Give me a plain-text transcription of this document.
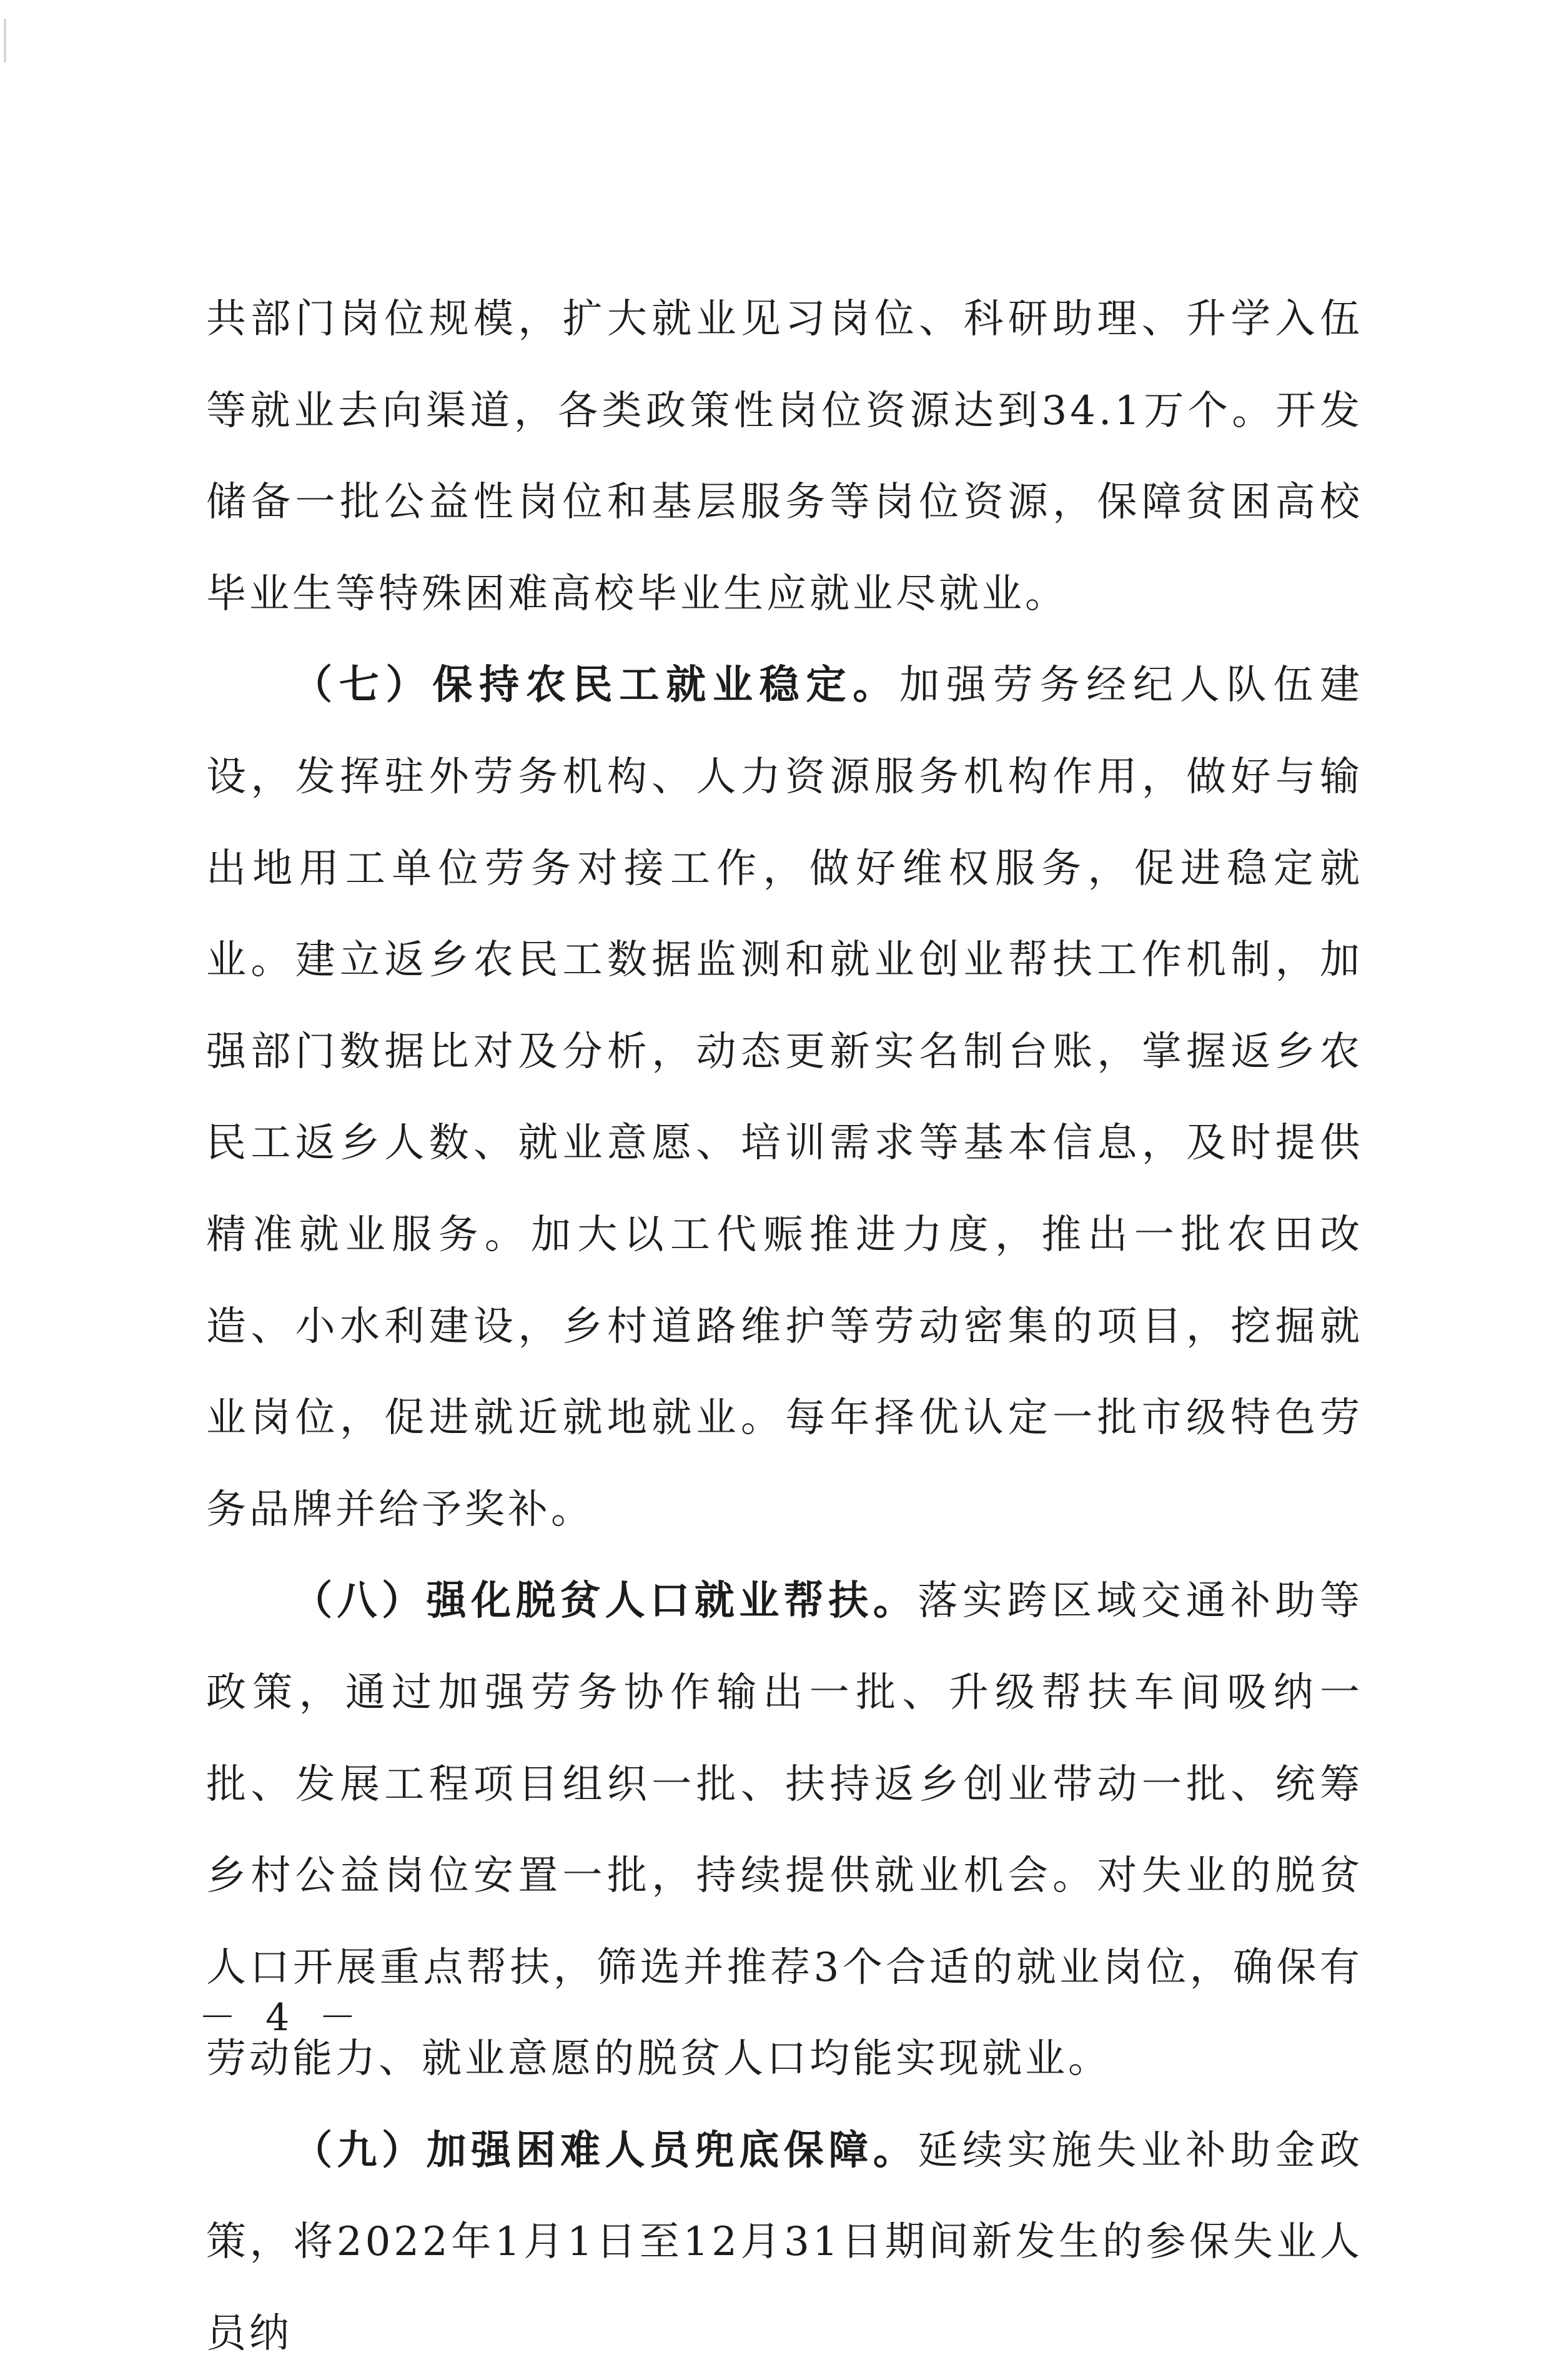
共部门岗位规模，扩大就业见习岗位、科研助理、升学入伍等就业去向渠道，各类政策性岗位资源达到34.1万个。开发储备一批公益性岗位和基层服务等岗位资源，保障贫困高校毕业生等特殊困难高校毕业生应就业尽就业。

（七）保持农民工就业稳定。加强劳务经纪人队伍建设，发挥驻外劳务机构、人力资源服务机构作用，做好与输出地用工单位劳务对接工作，做好维权服务，促进稳定就业。建立返乡农民工数据监测和就业创业帮扶工作机制，加强部门数据比对及分析，动态更新实名制台账，掌握返乡农民工返乡人数、就业意愿、培训需求等基本信息，及时提供精准就业服务。加大以工代赈推进力度，推出一批农田改造、小水利建设，乡村道路维护等劳动密集的项目，挖掘就业岗位，促进就近就地就业。每年择优认定一批市级特色劳务品牌并给予奖补。

（八）强化脱贫人口就业帮扶。落实跨区域交通补助等政策，通过加强劳务协作输出一批、升级帮扶车间吸纳一批、发展工程项目组织一批、扶持返乡创业带动一批、统筹乡村公益岗位安置一批，持续提供就业机会。对失业的脱贫人口开展重点帮扶，筛选并推荐3个合适的就业岗位，确保有劳动能力、就业意愿的脱贫人口均能实现就业。

（九）加强困难人员兜底保障。延续实施失业补助金政策，将2022年1月1日至12月31日期间新发生的参保失业人员纳

－ 4 －
